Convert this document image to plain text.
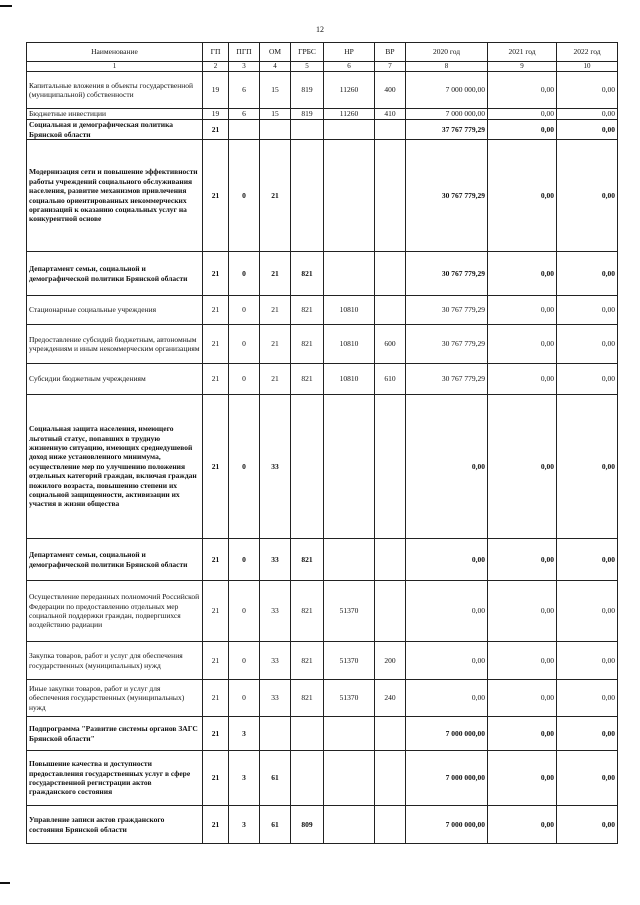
12
Наименование	ГП	ПГП	ОМ	ГРБС	НР	ВР	2020 год	2021 год	2022 год
1	2	3	4	5	6	7	8	9	10
Капитальные вложения в объекты государственной (муниципальной) собственности	19	6	15	819	11260	400	7 000 000,00	0,00	0,00
Бюджетные инвестиции	19	6	15	819	11260	410	7 000 000,00	0,00	0,00
Социальная и демографическая политика Брянской области	21						37 767 779,29	0,00	0,00
Модернизация сети и повышение эффективности работы учреждений социального обслуживания населения, развитие механизмов привлечения социально ориентированных некоммерческих организаций к оказанию социальных услуг на конкурентной основе	21	0	21				30 767 779,29	0,00	0,00
Департамент семьи, социальной и демографической политики Брянской области	21	0	21	821			30 767 779,29	0,00	0,00
Стационарные социальные учреждения	21	0	21	821	10810		30 767 779,29	0,00	0,00
Предоставление субсидий бюджетным, автономным учреждениям и иным некоммерческим организациям	21	0	21	821	10810	600	30 767 779,29	0,00	0,00
Субсидии бюджетным учреждениям	21	0	21	821	10810	610	30 767 779,29	0,00	0,00
Социальная защита населения, имеющего льготный статус, попавших в трудную жизненную ситуацию, имеющих среднедушевой доход ниже установленного минимума, осуществление мер по улучшению положения отдельных категорий граждан, включая граждан пожилого возраста, повышению степени их социальной защищенности, активизации их участия в жизни общества	21	0	33				0,00	0,00	0,00
Департамент семьи, социальной и демографической политики Брянской области	21	0	33	821			0,00	0,00	0,00
Осуществление переданных полномочий Российской Федерации по предоставлению отдельных мер социальной поддержки граждан, подвергшихся воздействию радиации	21	0	33	821	51370		0,00	0,00	0,00
Закупка товаров, работ и услуг для обеспечения государственных (муниципальных) нужд	21	0	33	821	51370	200	0,00	0,00	0,00
Иные закупки товаров, работ и услуг для обеспечения государственных (муниципальных) нужд	21	0	33	821	51370	240	0,00	0,00	0,00
Подпрограмма "Развитие системы органов ЗАГС Брянской области"	21	3					7 000 000,00	0,00	0,00
Повышение качества и доступности предоставления государственных услуг в сфере государственной регистрации актов гражданского состояния	21	3	61				7 000 000,00	0,00	0,00
Управление записи актов гражданского состояния Брянской области	21	3	61	809			7 000 000,00	0,00	0,00
